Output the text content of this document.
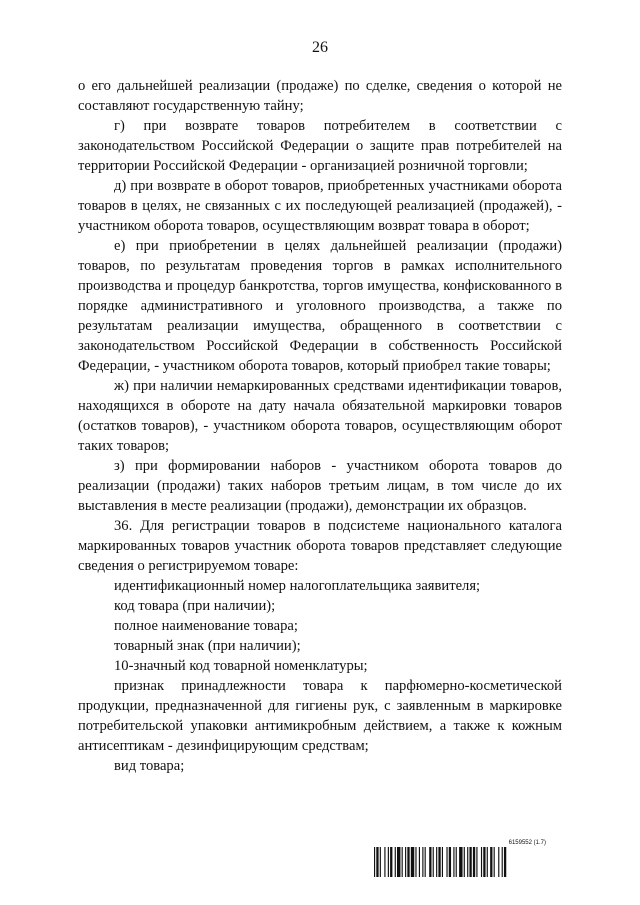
26

о его дальнейшей реализации (продаже) по сделке, сведения о которой не составляют государственную тайну;

г) при возврате товаров потребителем в соответствии с законодательством Российской Федерации о защите прав потребителей на территории Российской Федерации - организацией розничной торговли;

д) при возврате в оборот товаров, приобретенных участниками оборота товаров в целях, не связанных с их последующей реализацией (продажей), - участником оборота товаров, осуществляющим возврат товара в оборот;

е) при приобретении в целях дальнейшей реализации (продажи) товаров, по результатам проведения торгов в рамках исполнительного производства и процедур банкротства, торгов имущества, конфискованного в порядке административного и уголовного производства, а также по результатам реализации имущества, обращенного в соответствии с законодательством Российской Федерации в собственность Российской Федерации, - участником оборота товаров, который приобрел такие товары;

ж) при наличии немаркированных средствами идентификации товаров, находящихся в обороте на дату начала обязательной маркировки товаров (остатков товаров), - участником оборота товаров, осуществляющим оборот таких товаров;

з) при формировании наборов - участником оборота товаров до реализации (продажи) таких наборов третьим лицам, в том числе до их выставления в месте реализации (продажи), демонстрации их образцов.

36. Для регистрации товаров в подсистеме национального каталога маркированных товаров участник оборота товаров представляет следующие сведения о регистрируемом товаре:

идентификационный номер налогоплательщика заявителя;

код товара (при наличии);

полное наименование товара;

товарный знак (при наличии);

10-значный код товарной номенклатуры;

признак принадлежности товара к парфюмерно-косметической продукции, предназначенной для гигиены рук, с заявленным в маркировке потребительской упаковки антимикробным действием, а также к кожным антисептикам - дезинфицирующим средствам;

вид товара;

6159552 (1.7)
